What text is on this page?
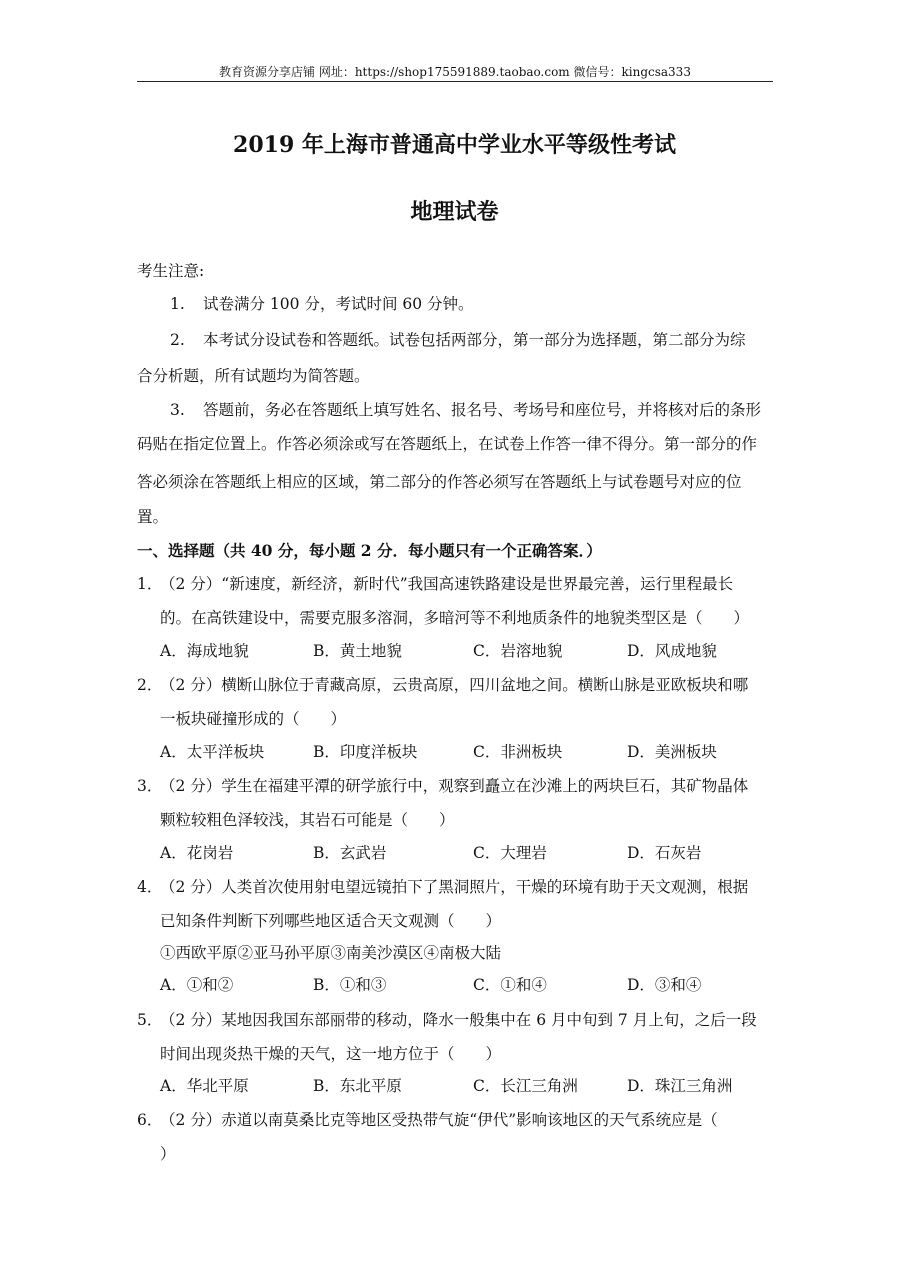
教育资源分享店铺 网址：https://shop175591889.taobao.com 微信号：kingcsa333
2019 年上海市普通高中学业水平等级性考试
地理试卷
考生注意:
1. 试卷满分 100 分，考试时间 60 分钟。
2. 本考试分设试卷和答题纸。试卷包括两部分，第一部分为选择题，第二部分为综
合分析题，所有试题均为简答题。
3. 答题前，务必在答题纸上填写姓名、报名号、考场号和座位号，并将核对后的条形
码贴在指定位置上。作答必须涂或写在答题纸上，在试卷上作答一律不得分。第一部分的作
答必须涂在答题纸上相应的区域，第二部分的作答必须写在答题纸上与试卷题号对应的位
置。
一、选择题（共 40 分，每小题 2 分．每小题只有一个正确答案．）
1．
（2 分）“新速度，新经济，新时代”我国高速铁路建设是世界最完善，运行里程最长
的。在高铁建设中，需要克服多溶洞，多暗河等不利地质条件的地貌类型区是（　　）
A．海成地貌	B．黄土地貌	C．岩溶地貌	D．风成地貌
2．
（2 分）横断山脉位于青藏高原，云贵高原，四川盆地之间。横断山脉是亚欧板块和哪
一板块碰撞形成的（　　）
A．太平洋板块	B．印度洋板块	C．非洲板块	D．美洲板块
3．
（2 分）学生在福建平潭的研学旅行中，观察到矗立在沙滩上的两块巨石，其矿物晶体
颗粒较粗色泽较浅，其岩石可能是（　　）
A．花岗岩	B．玄武岩	C．大理岩	D．石灰岩
4．
（2 分）人类首次使用射电望远镜拍下了黑洞照片，干燥的环境有助于天文观测，根据
已知条件判断下列哪些地区适合天文观测（　　）
①西欧平原②亚马孙平原③南美沙漠区④南极大陆
A．①和②	B．①和③	C．①和④	D．③和④
5．
（2 分）某地因我国东部丽带的移动，降水一般集中在 6 月中旬到 7 月上旬，之后一段
时间出现炎热干燥的天气，这一地方位于（　　）
A．华北平原	B．东北平原	C．长江三角洲	D．珠江三角洲
6．
（2 分）赤道以南莫桑比克等地区受热带气旋“伊代”影响该地区的天气系统应是（
）
